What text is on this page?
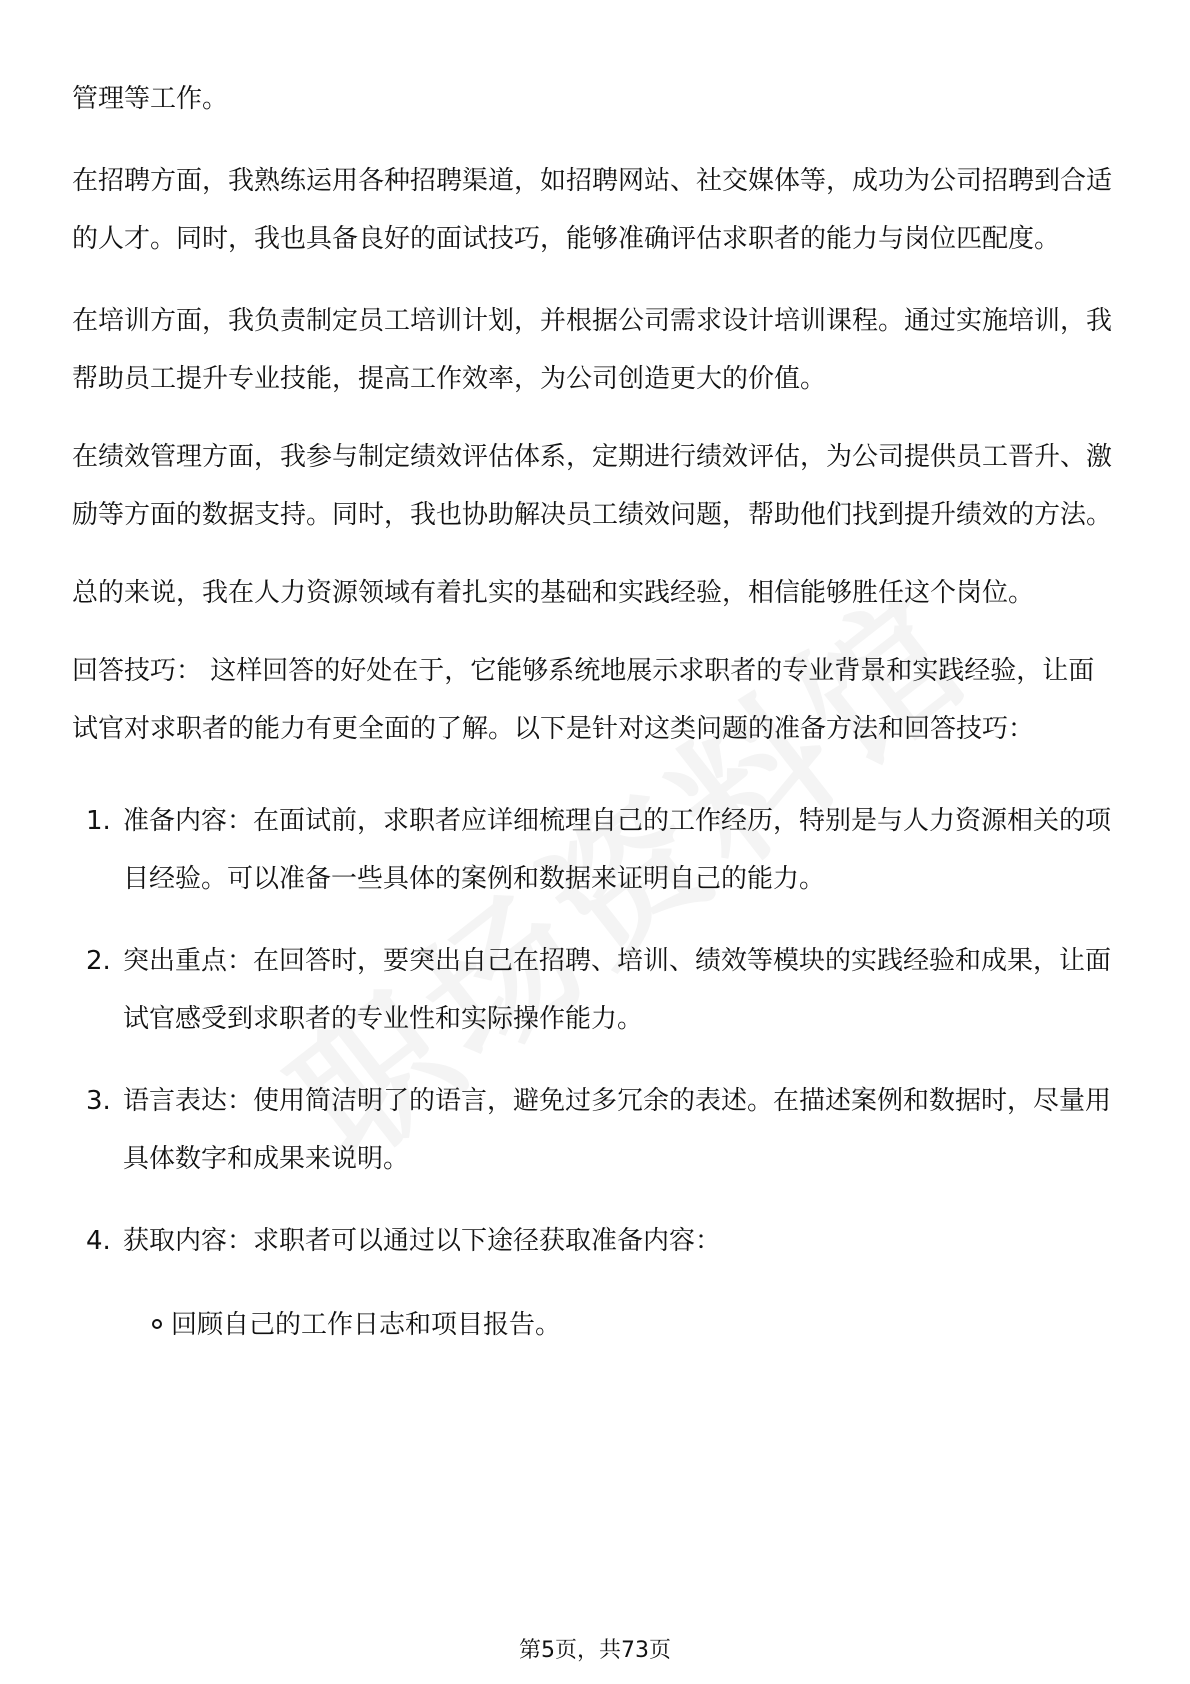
管理等工作。

在招聘方面，我熟练运用各种招聘渠道，如招聘网站、社交媒体等，成功为公司招聘到合适的人才。同时，我也具备良好的面试技巧，能够准确评估求职者的能力与岗位匹配度。

在培训方面，我负责制定员工培训计划，并根据公司需求设计培训课程。通过实施培训，我帮助员工提升专业技能，提高工作效率，为公司创造更大的价值。

在绩效管理方面，我参与制定绩效评估体系，定期进行绩效评估，为公司提供员工晋升、激励等方面的数据支持。同时，我也协助解决员工绩效问题，帮助他们找到提升绩效的方法。

总的来说，我在人力资源领域有着扎实的基础和实践经验，相信能够胜任这个岗位。

回答技巧： 这样回答的好处在于，它能够系统地展示求职者的专业背景和实践经验，让面试官对求职者的能力有更全面的了解。以下是针对这类问题的准备方法和回答技巧：

1. 准备内容：在面试前，求职者应详细梳理自己的工作经历，特别是与人力资源相关的项目经验。可以准备一些具体的案例和数据来证明自己的能力。
2. 突出重点：在回答时，要突出自己在招聘、培训、绩效等模块的实践经验和成果，让面试官感受到求职者的专业性和实际操作能力。
3. 语言表达：使用简洁明了的语言，避免过多冗余的表述。在描述案例和数据时，尽量用具体数字和成果来说明。
4. 获取内容：求职者可以通过以下途径获取准备内容：
回顾自己的工作日志和项目报告。
第5页，共73页
